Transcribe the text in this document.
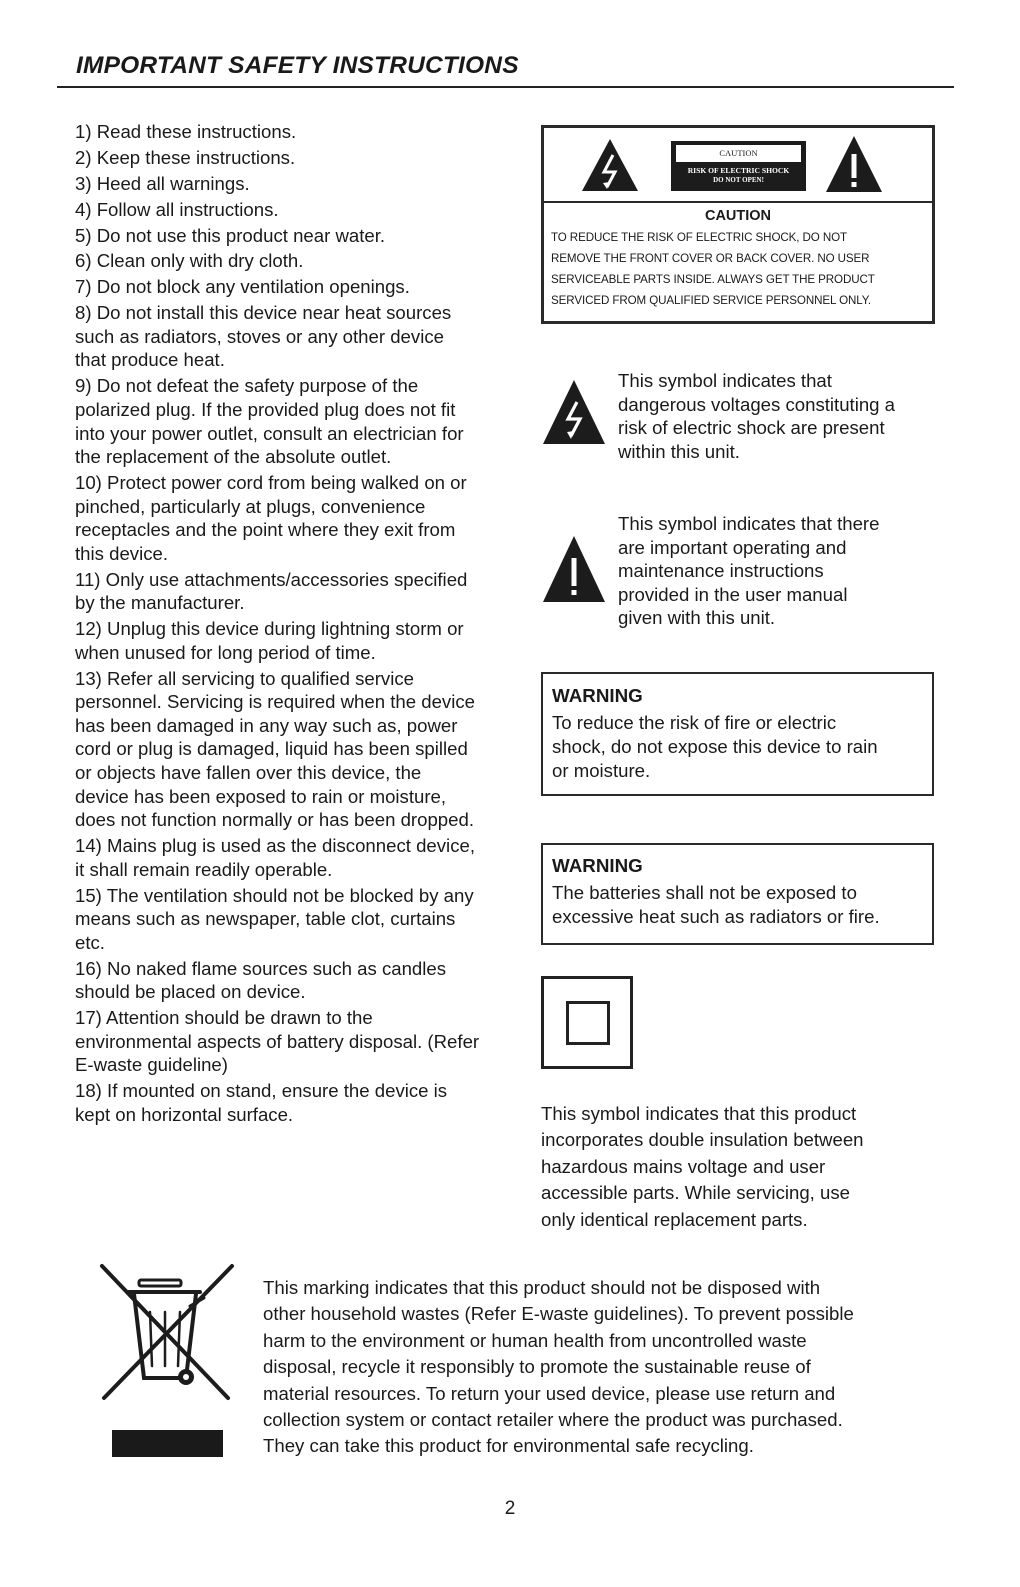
IMPORTANT SAFETY INSTRUCTIONS
1) Read these instructions.
2) Keep these instructions.
3) Heed all warnings.
4) Follow all instructions.
5) Do not use this product near water.
6) Clean only with dry cloth.
7) Do not block any ventilation openings.
8) Do not install this device near heat sources such as radiators, stoves or any other device that produce heat.
9) Do not defeat the safety purpose of the polarized plug. If the provided plug does not fit into your power outlet, consult an electrician for the replacement of the absolute outlet.
10) Protect power cord from being walked on or pinched, particularly at plugs, convenience receptacles and the point where they exit from this device.
11) Only use attachments/accessories specified by the manufacturer.
12) Unplug this device during lightning storm or when unused for long period of time.
13) Refer all servicing to qualified service personnel. Servicing is required when the device has been damaged in any way such as, power cord or plug is damaged, liquid has been spilled or objects have fallen over this device, the device has been exposed to rain or moisture, does not function normally or has been dropped.
14) Mains plug is used as the disconnect device, it shall remain readily operable.
15) The ventilation should not be blocked by any means such as newspaper, table clot, curtains etc.
16) No naked flame sources such as candles should be placed on device.
17) Attention should be drawn to the environmental aspects of battery disposal. (Refer E-waste guideline)
18) If mounted on stand, ensure the device is kept on horizontal surface.
CAUTION
RISK OF ELECTRIC SHOCK
DO NOT OPEN!
CAUTION
TO REDUCE THE RISK OF ELECTRIC SHOCK, DO NOT
REMOVE THE FRONT COVER OR BACK COVER. NO USER
SERVICEABLE PARTS INSIDE. ALWAYS GET THE PRODUCT
SERVICED FROM QUALIFIED SERVICE PERSONNEL ONLY.
This symbol indicates that
dangerous voltages constituting a
risk of electric shock are present
within this unit.
This symbol indicates that there
are important operating and
maintenance instructions
provided in the user manual
given with this unit.
WARNING
To reduce the risk of fire or electric
shock, do not expose this device to rain
or moisture.
WARNING
The batteries shall not be exposed to
excessive heat such as radiators or fire.
This symbol indicates that this product
incorporates double insulation between
hazardous mains voltage and user
accessible parts. While servicing, use
only identical replacement parts.
This marking indicates that this product should not be disposed with
other household wastes (Refer E-waste guidelines). To prevent possible
harm to the environment or human health from uncontrolled waste
disposal, recycle it responsibly to promote the sustainable reuse of
material resources. To return your used device, please use return and
collection system or contact retailer where the product was purchased.
They can take this product for environmental safe recycling.
2
